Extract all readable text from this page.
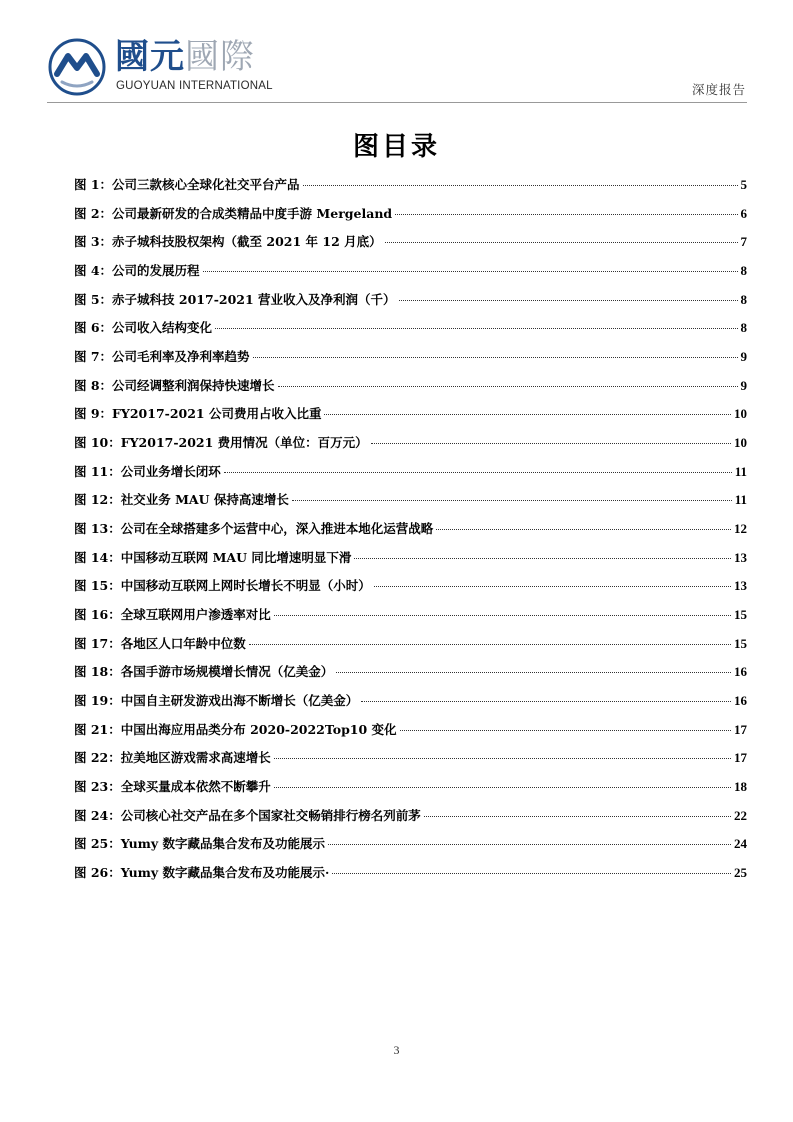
國元國際
GUOYUAN INTERNATIONAL	深度报告
图目录
图 1：公司三款核心全球化社交平台产品	5
图 2：公司最新研发的合成类精品中度手游 Mergeland	6
图 3：赤子城科技股权架构（截至 2021 年 12 月底）	7
图 4：公司的发展历程	8
图 5：赤子城科技 2017-2021 营业收入及净利润（千）	8
图 6：公司收入结构变化	8
图 7：公司毛利率及净利率趋势	9
图 8：公司经调整利润保持快速增长	9
图 9：FY2017-2021 公司费用占收入比重	10
图 10：FY2017-2021 费用情况（单位：百万元）	10
图 11：公司业务增长闭环	11
图 12：社交业务 MAU 保持高速增长	11
图 13：公司在全球搭建多个运营中心，深入推进本地化运营战略	12
图 14：中国移动互联网 MAU 同比增速明显下滑	13
图 15：中国移动互联网上网时长增长不明显（小时）	13
图 16：全球互联网用户渗透率对比	15
图 17：各地区人口年龄中位数	15
图 18：各国手游市场规模增长情况（亿美金）	16
图 19：中国自主研发游戏出海不断增长（亿美金）	16
图 21：中国出海应用品类分布 2020-2022Top10 变化	17
图 22：拉美地区游戏需求高速增长	17
图 23：全球买量成本依然不断攀升	18
图 24：公司核心社交产品在多个国家社交畅销排行榜名列前茅	22
图 25：Yumy 数字藏品集合发布及功能展示	24
图 26：Yumy 数字藏品集合发布及功能展示·	25
3
